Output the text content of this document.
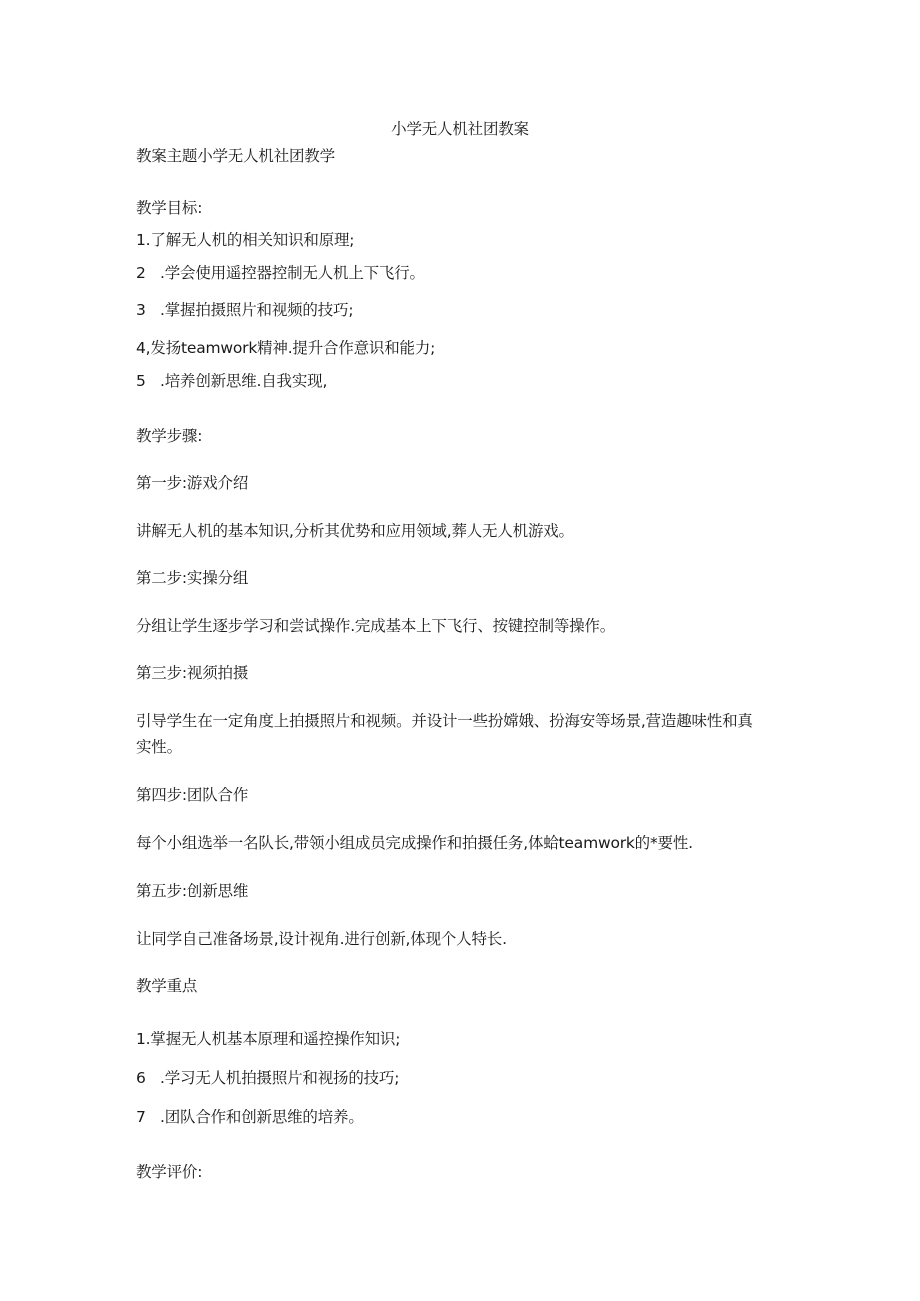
小学无人机社团教案
教案主题小学无人机社团教学
教学目标:
1.了解无人机的相关知识和原理;
2 .学会使用遥控器控制无人机上下飞行。
3 .掌握拍摄照片和视频的技巧;
4,发扬teamwork精神.提升合作意识和能力;
5 .培养创新思维.自我实现,
教学步骤:
第一步:游戏介绍
讲解无人机的基本知识,分析其优势和应用领域,葬人无人机游戏。
第二步:实操分组
分组让学生逐步学习和尝试操作.完成基本上下飞行、按键控制等操作。
第三步:视须拍摄
引导学生在一定角度上拍摄照片和视频。并设计一些扮嫦娥、扮海安等场景,营造趣味性和真
实性。
第四步:团队合作
每个小组选举一名队长,带领小组成员完成操作和拍摄任务,体蛤teamwork的*要性.
第五步:创新思维
让同学自己准备场景,设计视角.进行创新,体现个人特长.
教学重点
1.掌握无人机基本原理和遥控操作知识;
6 .学习无人机拍摄照片和视扬的技巧;
7 .团队合作和创新思维的培养。
教学评价:
